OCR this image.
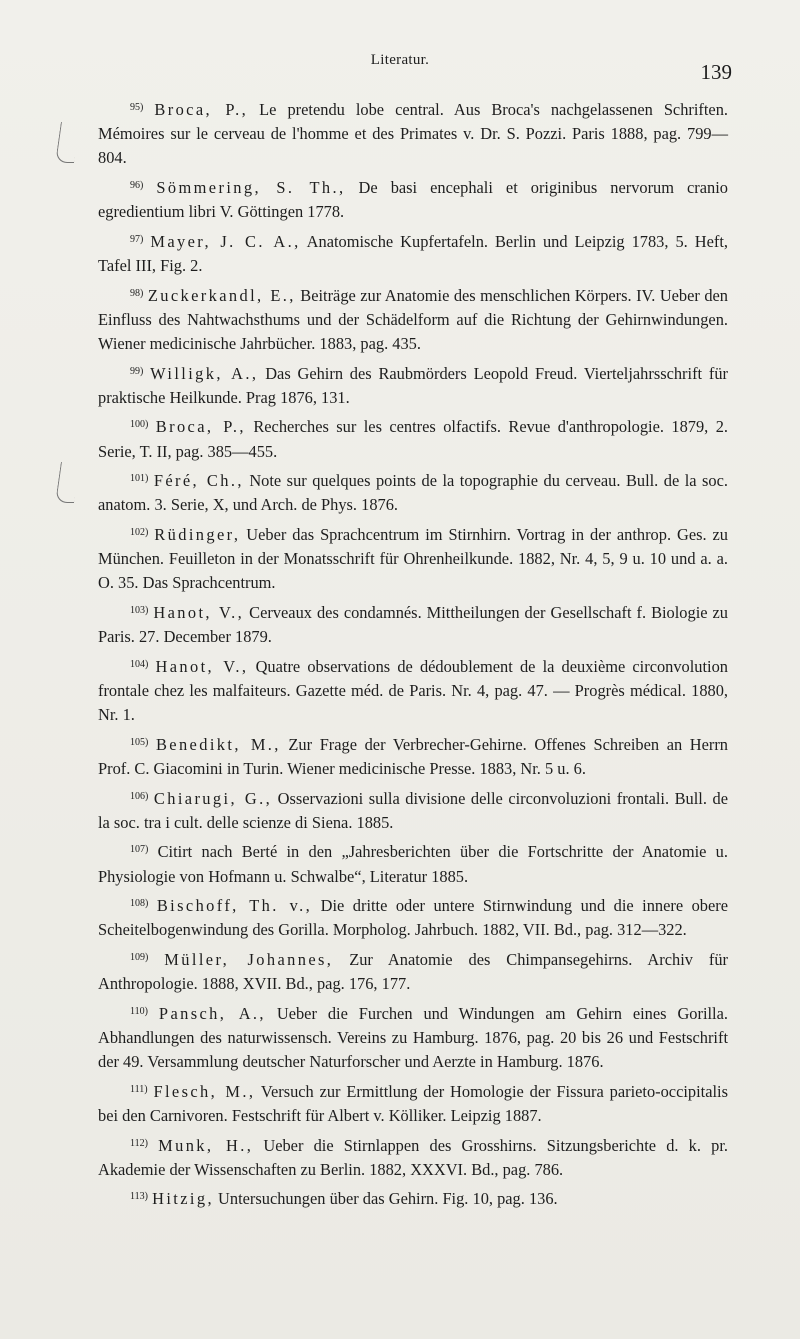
Literatur.	139

$^{95)}$ Broca, P., Le pretendu lobe central. Aus Broca's nachgelassenen Schriften. Mémoires sur le cerveau de l'homme et des Primates v. Dr. S. Pozzi. Paris 1888, pag. 799—804.

$^{96)}$ Sömmering, S. Th., De basi encephali et originibus nervorum cranio egredientium libri V. Göttingen 1778.

$^{97)}$ Mayer, J. C. A., Anatomische Kupfertafeln. Berlin und Leipzig 1783, 5. Heft, Tafel III, Fig. 2.

$^{98)}$ Zuckerkandl, E., Beiträge zur Anatomie des menschlichen Körpers. IV. Ueber den Einfluss des Nahtwachsthums und der Schädelform auf die Richtung der Gehirnwindungen. Wiener medicinische Jahrbücher. 1883, pag. 435.

$^{99)}$ Willigk, A., Das Gehirn des Raubmörders Leopold Freud. Vierteljahrsschrift für praktische Heilkunde. Prag 1876, 131.

$^{100)}$ Broca, P., Recherches sur les centres olfactifs. Revue d'anthropologie. 1879, 2. Serie, T. II, pag. 385—455.

$^{101)}$ Féré, Ch., Note sur quelques points de la topographie du cerveau. Bull. de la soc. anatom. 3. Serie, X, und Arch. de Phys. 1876.

$^{102)}$ Rüdinger, Ueber das Sprachcentrum im Stirnhirn. Vortrag in der anthrop. Ges. zu München. Feuilleton in der Monatsschrift für Ohrenheilkunde. 1882, Nr. 4, 5, 9 u. 10 und a. a. O. 35. Das Sprachcentrum.

$^{103)}$ Hanot, V., Cerveaux des condamnés. Mittheilungen der Gesellschaft f. Biologie zu Paris. 27. December 1879.

$^{104)}$ Hanot, V., Quatre observations de dédoublement de la deuxième circonvolution frontale chez les malfaiteurs. Gazette méd. de Paris. Nr. 4, pag. 47. — Progrès médical. 1880, Nr. 1.

$^{105)}$ Benedikt, M., Zur Frage der Verbrecher-Gehirne. Offenes Schreiben an Herrn Prof. C. Giacomini in Turin. Wiener medicinische Presse. 1883, Nr. 5 u. 6.

$^{106)}$ Chiarugi, G., Osservazioni sulla divisione delle circonvoluzioni frontali. Bull. de la soc. tra i cult. delle scienze di Siena. 1885.

$^{107)}$ Citirt nach Berté in den „Jahresberichten über die Fortschritte der Anatomie u. Physiologie von Hofmann u. Schwalbe“, Literatur 1885.

$^{108)}$ Bischoff, Th. v., Die dritte oder untere Stirnwindung und die innere obere Scheitelbogenwindung des Gorilla. Morpholog. Jahrbuch. 1882, VII. Bd., pag. 312—322.

$^{109)}$ Müller, Johannes, Zur Anatomie des Chimpansegehirns. Archiv für Anthropologie. 1888, XVII. Bd., pag. 176, 177.

$^{110)}$ Pansch, A., Ueber die Furchen und Windungen am Gehirn eines Gorilla. Abhandlungen des naturwissensch. Vereins zu Hamburg. 1876, pag. 20 bis 26 und Festschrift der 49. Versammlung deutscher Naturforscher und Aerzte in Hamburg. 1876.

$^{111)}$ Flesch, M., Versuch zur Ermittlung der Homologie der Fissura parieto-occipitalis bei den Carnivoren. Festschrift für Albert v. Kölliker. Leipzig 1887.

$^{112)}$ Munk, H., Ueber die Stirnlappen des Grosshirns. Sitzungsberichte d. k. pr. Akademie der Wissenschaften zu Berlin. 1882, XXXVI. Bd., pag. 786.

$^{113)}$ Hitzig, Untersuchungen über das Gehirn. Fig. 10, pag. 136.
